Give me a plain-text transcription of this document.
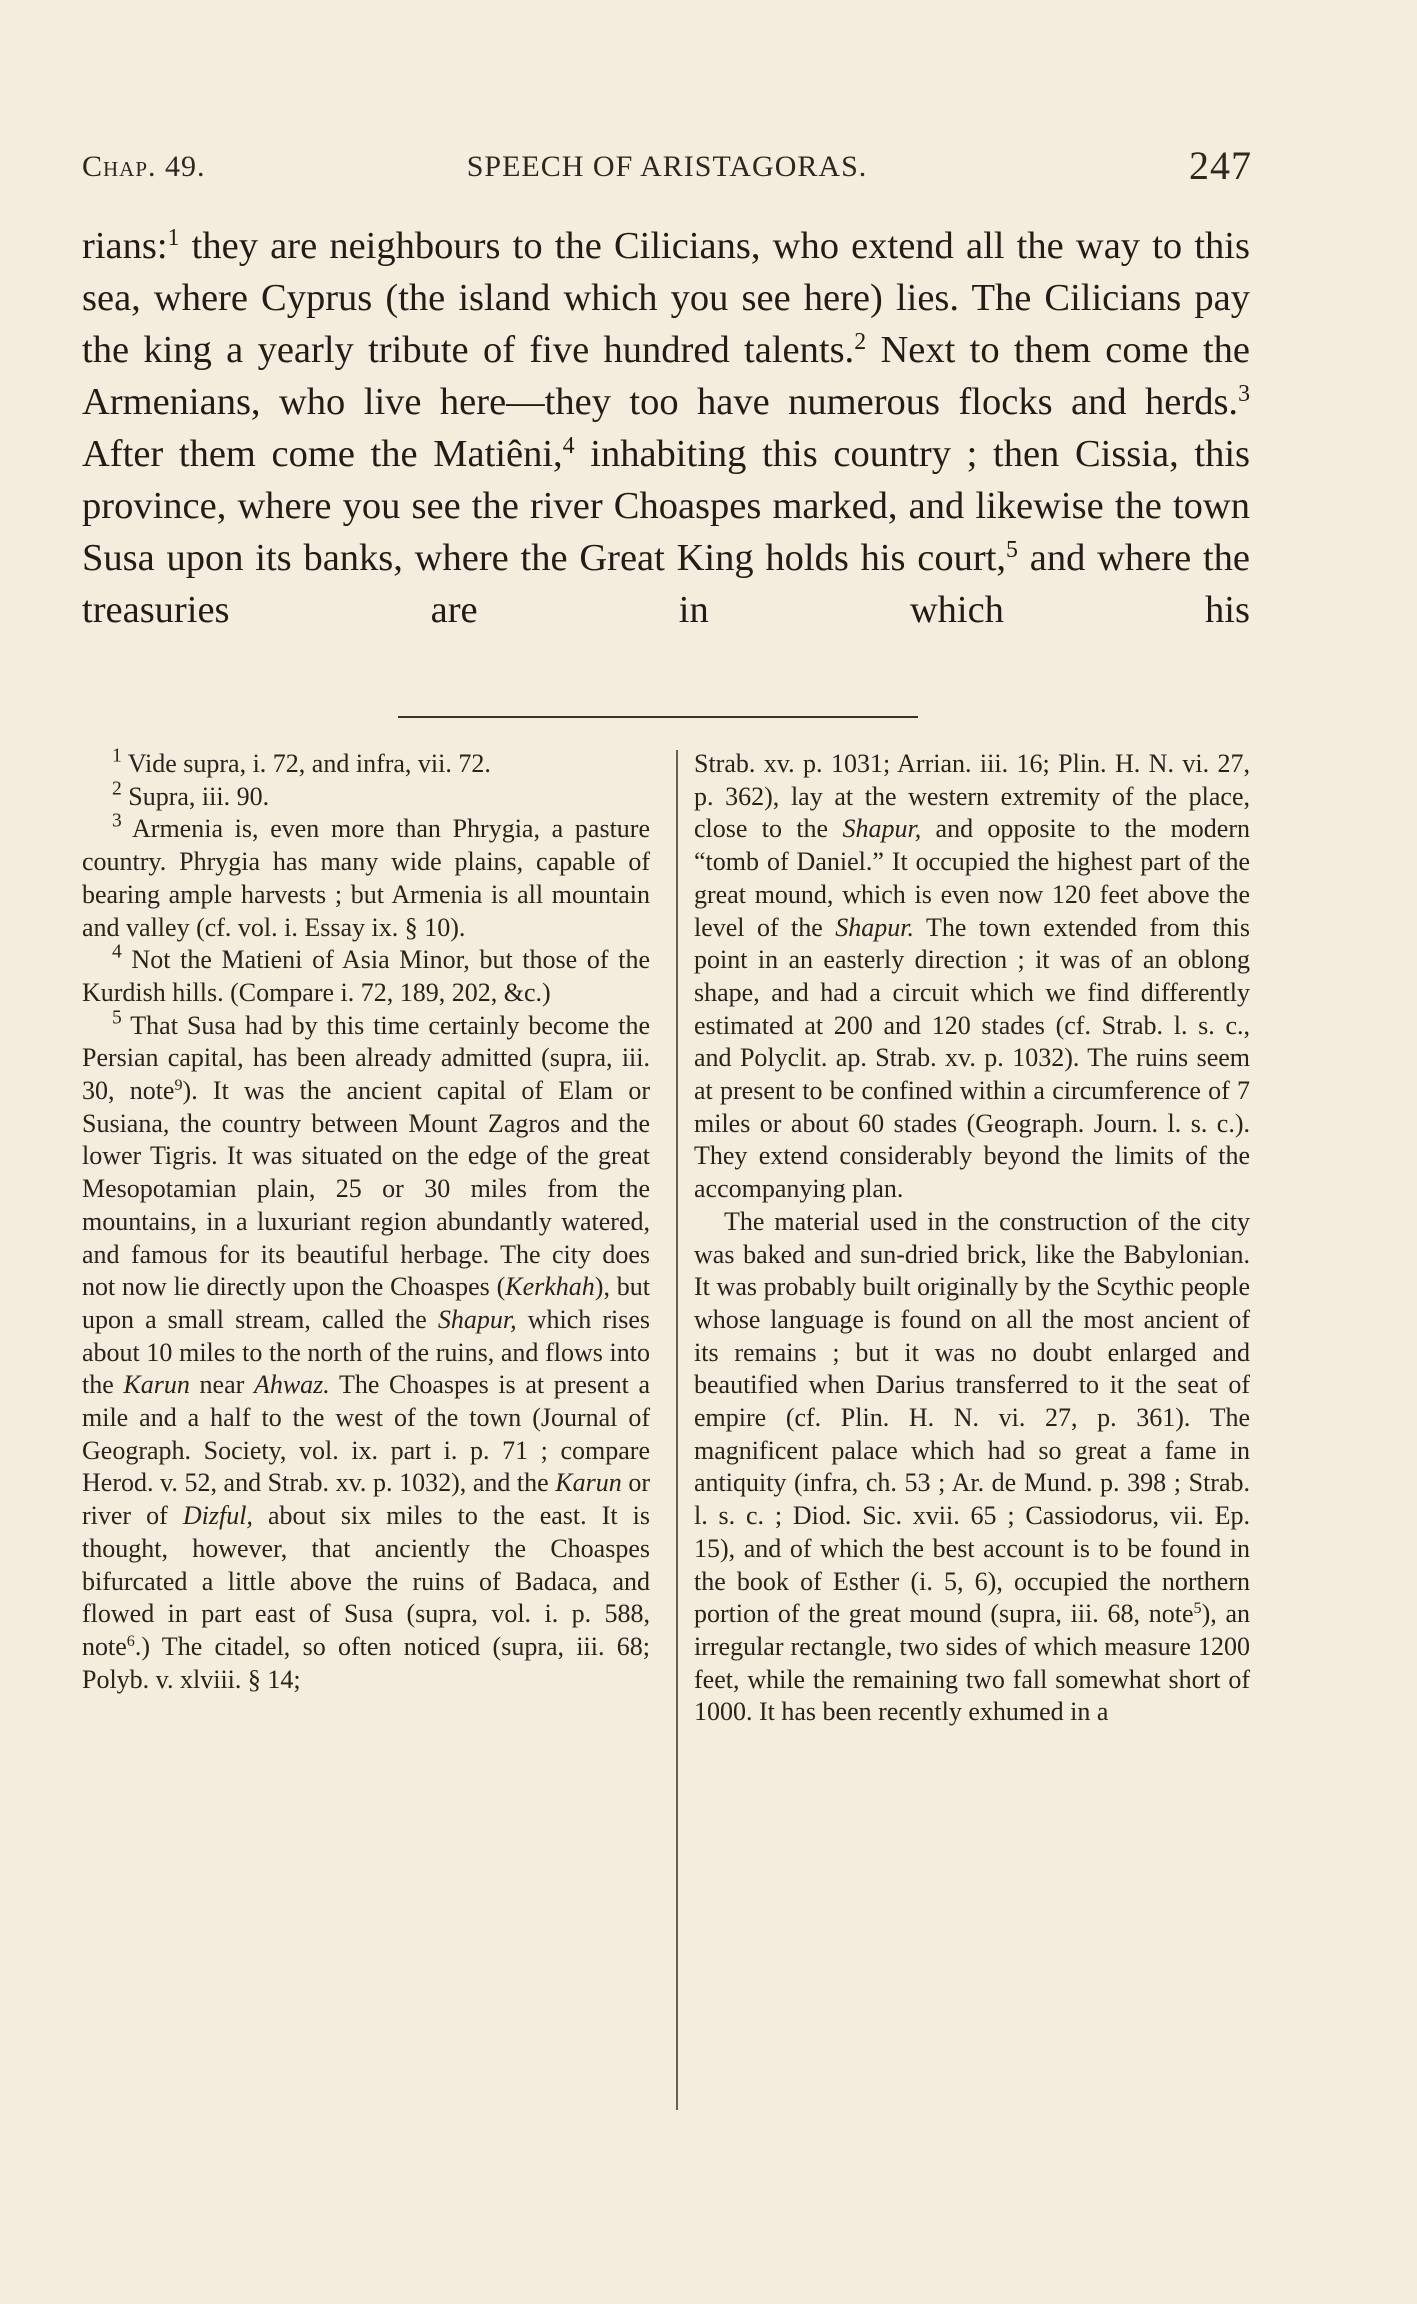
Chap. 49.	SPEECH OF ARISTAGORAS.	247

rians:$^1$ they are neighbours to the Cilicians, who extend all the way to this sea, where Cyprus (the island which you see here) lies. The Cilicians pay the king a yearly tribute of five hundred talents.$^2$ Next to them come the Armenians, who live here—they too have numerous flocks and herds.$^3$ After them come the Matiêni,$^4$ inhabiting this country ; then Cissia, this province, where you see the river Choaspes marked, and likewise the town Susa upon its banks, where the Great King holds his court,$^5$ and where the treasuries are in which his

$^1$ Vide supra, i. 72, and infra, vii. 72.

$^2$ Supra, iii. 90.

$^3$ Armenia is, even more than Phrygia, a pasture country. Phrygia has many wide plains, capable of bearing ample harvests ; but Armenia is all mountain and valley (cf. vol. i. Essay ix. § 10).

$^4$ Not the Matieni of Asia Minor, but those of the Kurdish hills. (Compare i. 72, 189, 202, &c.)

$^5$ That Susa had by this time certainly become the Persian capital, has been already admitted (supra, iii. 30, note$^9$). It was the ancient capital of Elam or Susiana, the country between Mount Zagros and the lower Tigris. It was situated on the edge of the great Mesopotamian plain, 25 or 30 miles from the mountains, in a luxuriant region abundantly watered, and famous for its beautiful herbage. The city does not now lie directly upon the Choaspes (Kerkhah), but upon a small stream, called the Shapur, which rises about 10 miles to the north of the ruins, and flows into the Karun near Ahwaz. The Choaspes is at present a mile and a half to the west of the town (Journal of Geograph. Society, vol. ix. part i. p. 71 ; compare Herod. v. 52, and Strab. xv. p. 1032), and the Karun or river of Dizful, about six miles to the east. It is thought, however, that anciently the Choaspes bifurcated a little above the ruins of Badaca, and flowed in part east of Susa (supra, vol. i. p. 588, note$^6$.) The citadel, so often noticed (supra, iii. 68; Polyb. v. xlviii. § 14;

Strab. xv. p. 1031; Arrian. iii. 16; Plin. H. N. vi. 27, p. 362), lay at the western extremity of the place, close to the Shapur, and opposite to the modern “tomb of Daniel.” It occupied the highest part of the great mound, which is even now 120 feet above the level of the Shapur. The town extended from this point in an easterly direction ; it was of an oblong shape, and had a circuit which we find differently estimated at 200 and 120 stades (cf. Strab. l. s. c., and Polyclit. ap. Strab. xv. p. 1032). The ruins seem at present to be confined within a circumference of 7 miles or about 60 stades (Geograph. Journ. l. s. c.). They extend considerably beyond the limits of the accompanying plan.

The material used in the construction of the city was baked and sun-dried brick, like the Babylonian. It was probably built originally by the Scythic people whose language is found on all the most ancient of its remains ; but it was no doubt enlarged and beautified when Darius transferred to it the seat of empire (cf. Plin. H. N. vi. 27, p. 361). The magnificent palace which had so great a fame in antiquity (infra, ch. 53 ; Ar. de Mund. p. 398 ; Strab. l. s. c. ; Diod. Sic. xvii. 65 ; Cassiodorus, vii. Ep. 15), and of which the best account is to be found in the book of Esther (i. 5, 6), occupied the northern portion of the great mound (supra, iii. 68, note$^5$), an irregular rectangle, two sides of which measure 1200 feet, while the remaining two fall somewhat short of 1000. It has been recently exhumed in a
